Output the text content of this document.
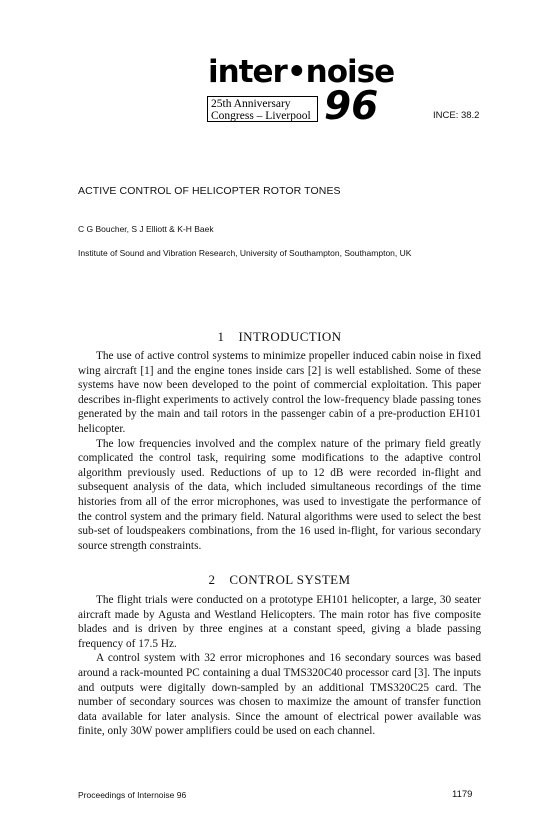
inter•noise
25th Anniversary
Congress – Liverpool 96	INCE: 38.2
ACTIVE CONTROL OF HELICOPTER ROTOR TONES
C G Boucher, S J Elliott & K-H Baek
Institute of Sound and Vibration Research, University of Southampton, Southampton, UK
1 INTRODUCTION

The use of active control systems to minimize propeller induced cabin noise in fixed wing aircraft [1] and the engine tones inside cars [2] is well established. Some of these systems have now been developed to the point of commercial exploitation. This paper describes in-flight experiments to actively control the low-frequency blade passing tones generated by the main and tail rotors in the passenger cabin of a pre-production EH101 helicopter.

The low frequencies involved and the complex nature of the primary field greatly complicated the control task, requiring some modifications to the adaptive control algorithm previously used. Reductions of up to 12 dB were recorded in-flight and subsequent analysis of the data, which included simultaneous recordings of the time histories from all of the error microphones, was used to investigate the performance of the control system and the primary field. Natural algorithms were used to select the best sub-set of loudspeakers combinations, from the 16 used in-flight, for various secondary source strength constraints.

2 CONTROL SYSTEM

The flight trials were conducted on a prototype EH101 helicopter, a large, 30 seater aircraft made by Agusta and Westland Helicopters. The main rotor has five composite blades and is driven by three engines at a constant speed, giving a blade passing frequency of 17.5 Hz.

A control system with 32 error microphones and 16 secondary sources was based around a rack-mounted PC containing a dual TMS320C40 processor card [3]. The inputs and outputs were digitally down-sampled by an additional TMS320C25 card. The number of secondary sources was chosen to maximize the amount of transfer function data available for later analysis. Since the amount of electrical power available was finite, only 30W power amplifiers could be used on each channel.

Proceedings of Internoise 96	1179
